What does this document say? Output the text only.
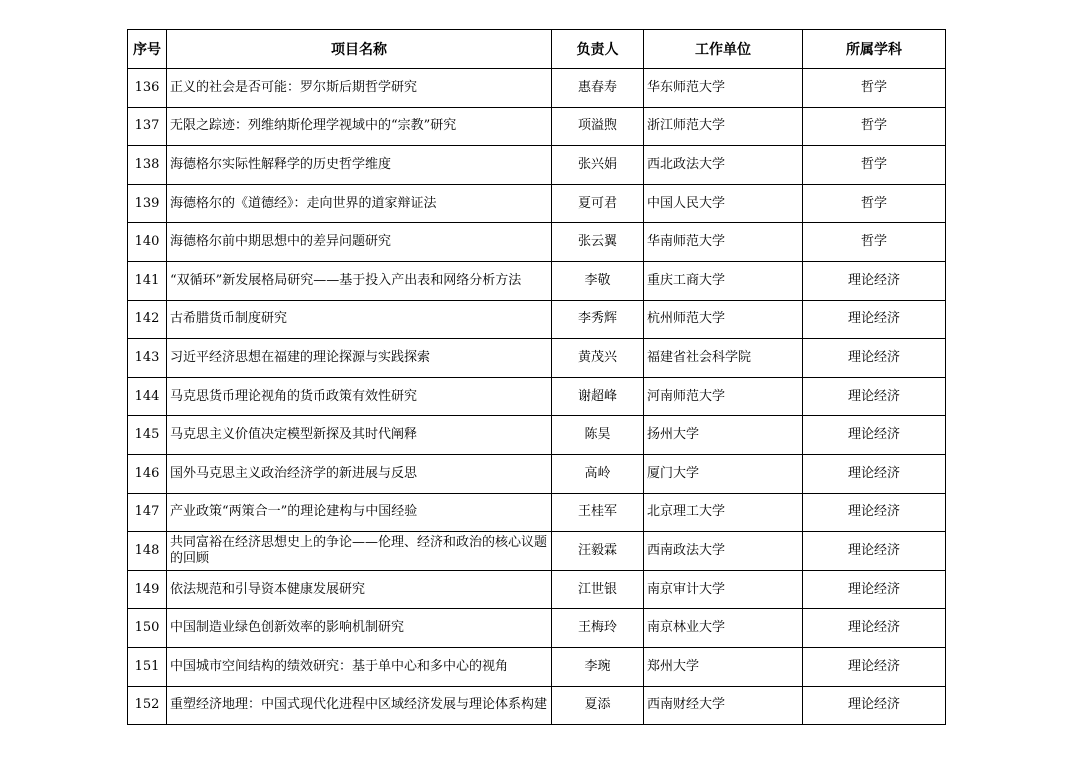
序号	项目名称	负责人	工作单位	所属学科
136	正义的社会是否可能：罗尔斯后期哲学研究	惠春寿	华东师范大学	哲学
137	无限之踪迹：列维纳斯伦理学视域中的“宗教”研究	项溢煦	浙江师范大学	哲学
138	海德格尔实际性解释学的历史哲学维度	张兴娟	西北政法大学	哲学
139	海德格尔的《道德经》：走向世界的道家辩证法	夏可君	中国人民大学	哲学
140	海德格尔前中期思想中的差异问题研究	张云翼	华南师范大学	哲学
141	“双循环”新发展格局研究——基于投入产出表和网络分析方法	李敬	重庆工商大学	理论经济
142	古希腊货币制度研究	李秀辉	杭州师范大学	理论经济
143	习近平经济思想在福建的理论探源与实践探索	黄茂兴	福建省社会科学院	理论经济
144	马克思货币理论视角的货币政策有效性研究	谢超峰	河南师范大学	理论经济
145	马克思主义价值决定模型新探及其时代阐释	陈昊	扬州大学	理论经济
146	国外马克思主义政治经济学的新进展与反思	高岭	厦门大学	理论经济
147	产业政策“两策合一”的理论建构与中国经验	王桂军	北京理工大学	理论经济
148	共同富裕在经济思想史上的争论——伦理、经济和政治的核心议题的回顾	汪毅霖	西南政法大学	理论经济
149	依法规范和引导资本健康发展研究	江世银	南京审计大学	理论经济
150	中国制造业绿色创新效率的影响机制研究	王梅玲	南京林业大学	理论经济
151	中国城市空间结构的绩效研究：基于单中心和多中心的视角	李琬	郑州大学	理论经济
152	重塑经济地理：中国式现代化进程中区域经济发展与理论体系构建	夏添	西南财经大学	理论经济
